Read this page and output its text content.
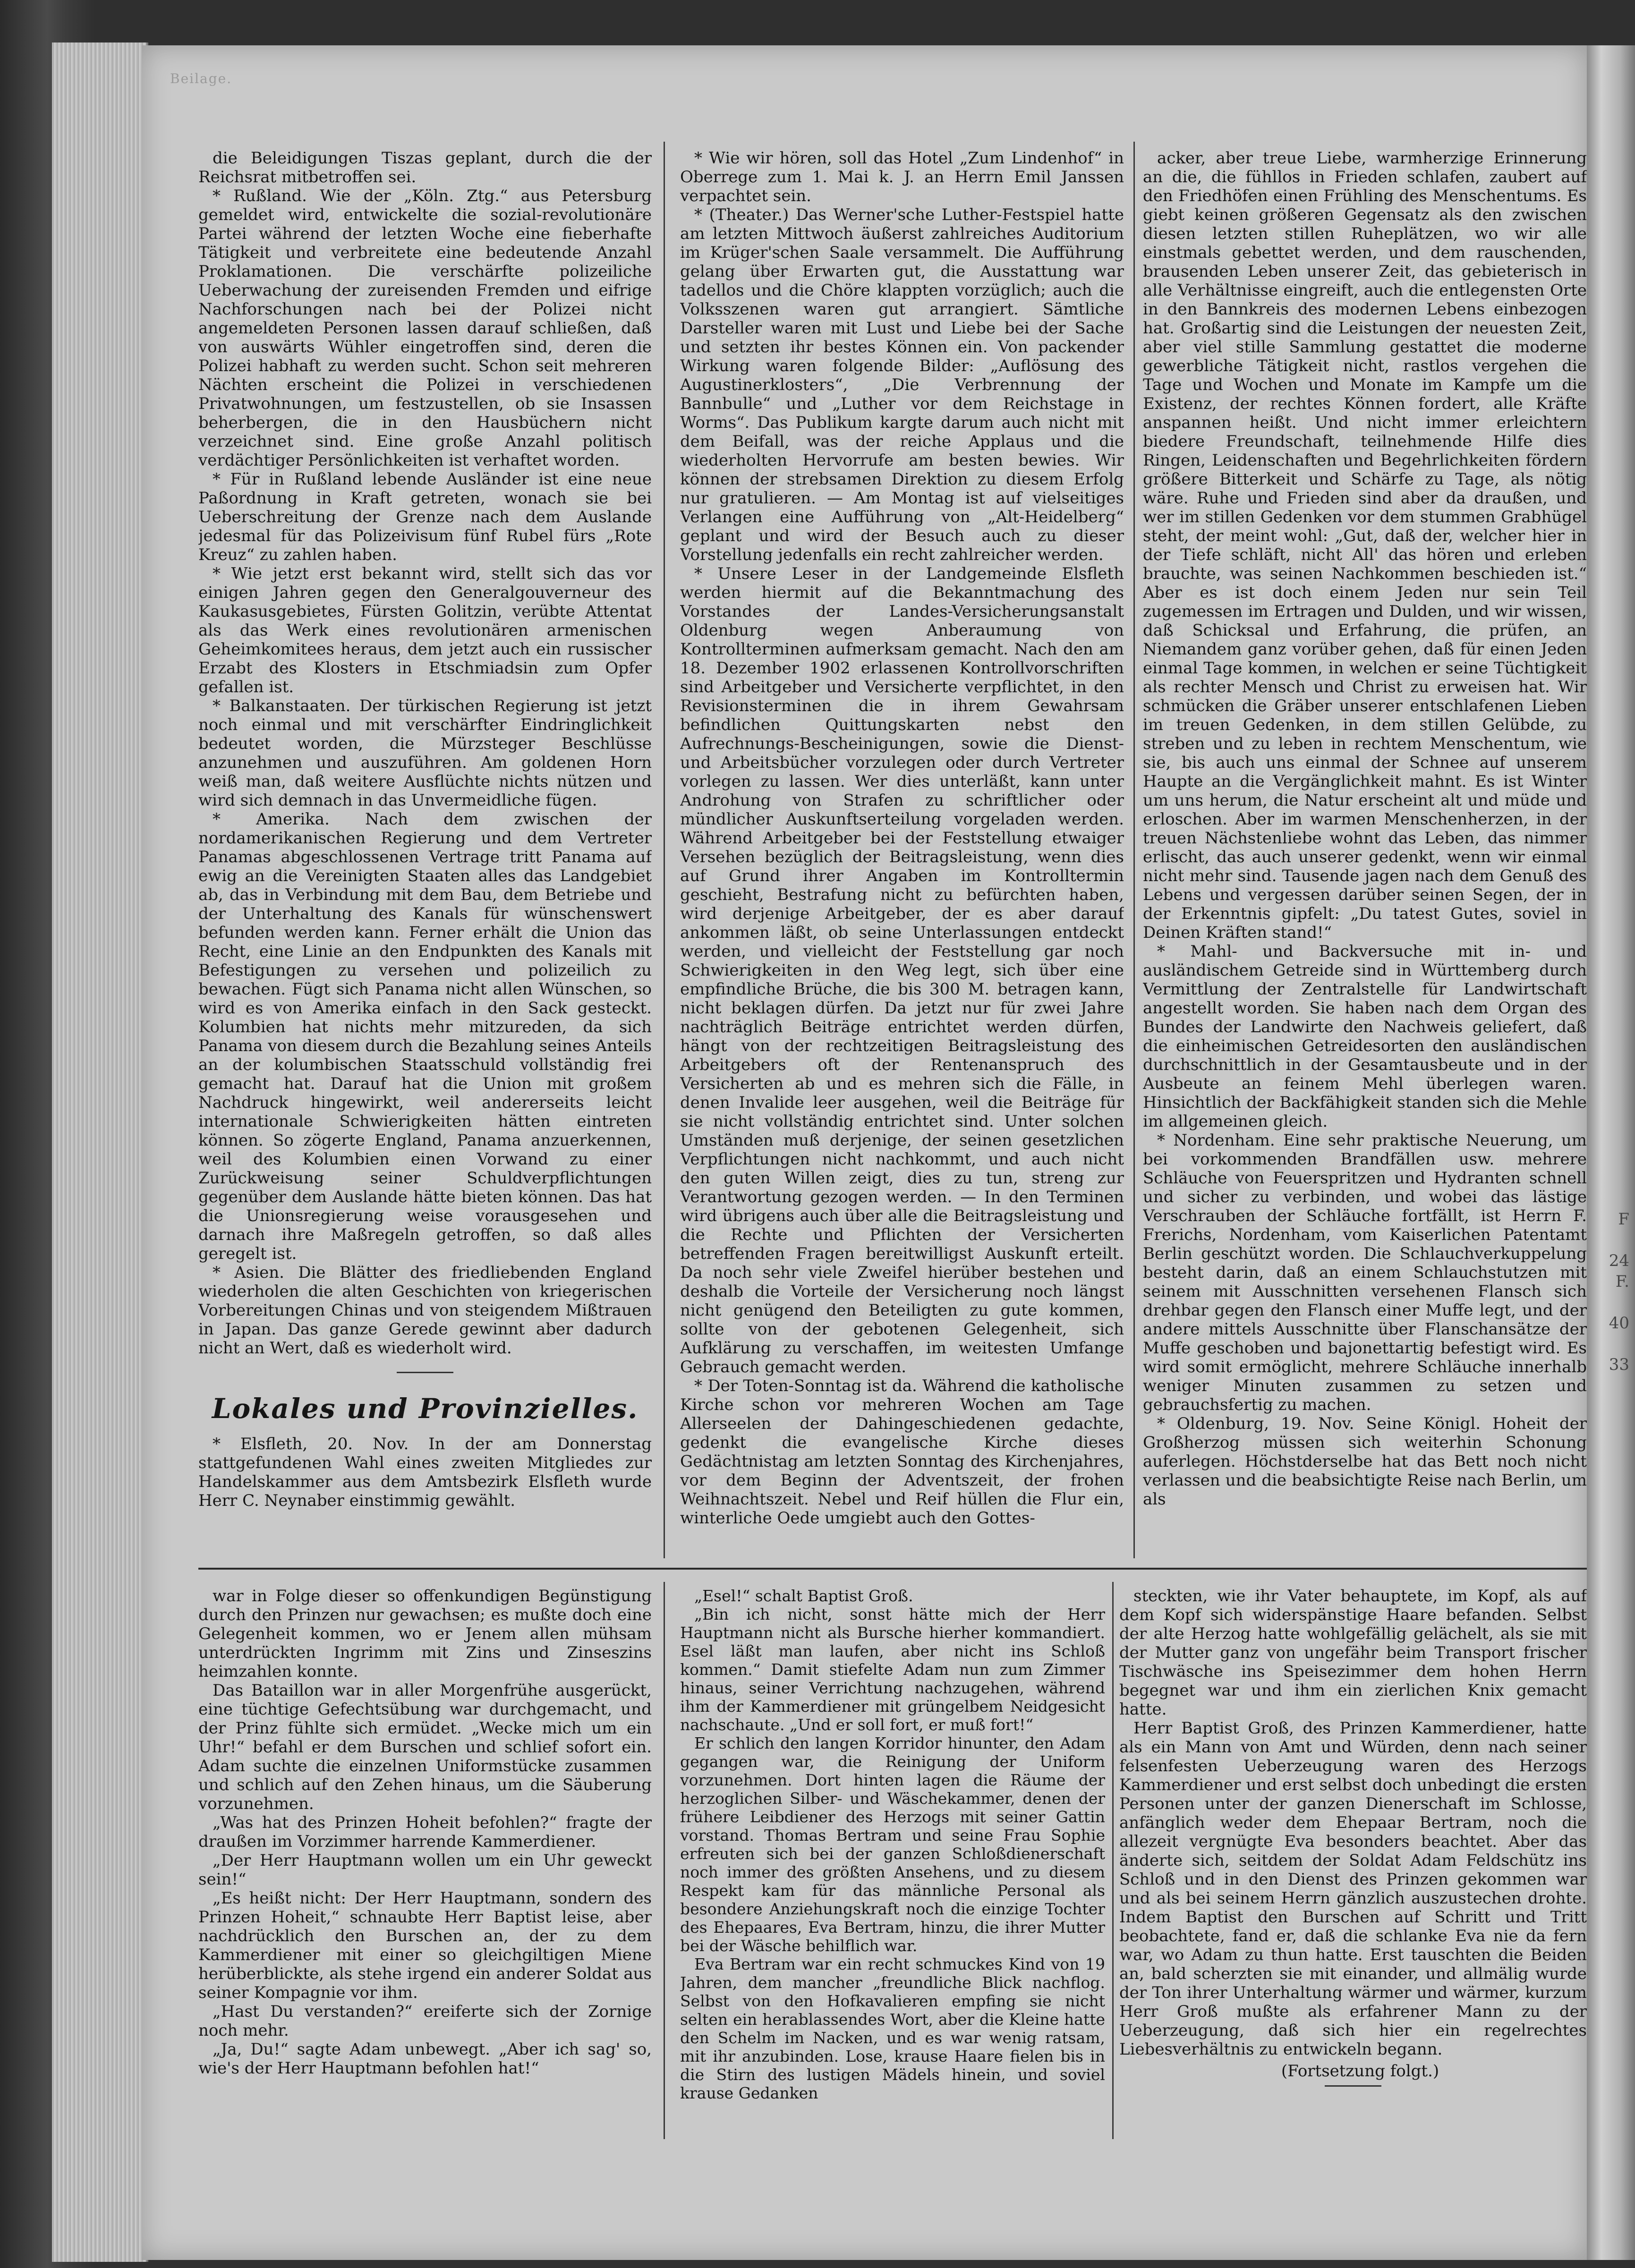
Beilage.
F
24
F.
40
33

die Beleidigungen Tiszas geplant, durch die der Reichsrat mitbetroffen sei.

* Rußland. Wie der „Köln. Ztg.“ aus Petersburg gemeldet wird, entwickelte die sozial-revolutionäre Partei während der letzten Woche eine fieberhafte Tätigkeit und verbreitete eine bedeutende Anzahl Proklamationen. Die verschärfte polizeiliche Ueberwachung der zureisenden Fremden und eifrige Nachforschungen nach bei der Polizei nicht angemeldeten Personen lassen darauf schließen, daß von auswärts Wühler eingetroffen sind, deren die Polizei habhaft zu werden sucht. Schon seit mehreren Nächten erscheint die Polizei in verschiedenen Privatwohnungen, um festzustellen, ob sie Insassen beherbergen, die in den Hausbüchern nicht verzeichnet sind. Eine große Anzahl politisch verdächtiger Persönlichkeiten ist verhaftet worden.

* Für in Rußland lebende Ausländer ist eine neue Paßordnung in Kraft getreten, wonach sie bei Ueberschreitung der Grenze nach dem Auslande jedesmal für das Polizeivisum fünf Rubel fürs „Rote Kreuz“ zu zahlen haben.

* Wie jetzt erst bekannt wird, stellt sich das vor einigen Jahren gegen den Generalgouverneur des Kaukasusgebietes, Fürsten Golitzin, verübte Attentat als das Werk eines revolutionären armenischen Geheimkomitees heraus, dem jetzt auch ein russischer Erzabt des Klosters in Etschmiadsin zum Opfer gefallen ist.

* Balkanstaaten. Der türkischen Regierung ist jetzt noch einmal und mit verschärfter Eindringlichkeit bedeutet worden, die Mürzsteger Beschlüsse anzunehmen und auszuführen. Am goldenen Horn weiß man, daß weitere Ausflüchte nichts nützen und wird sich demnach in das Unvermeidliche fügen.

* Amerika. Nach dem zwischen der nordamerikanischen Regierung und dem Vertreter Panamas abgeschlossenen Vertrage tritt Panama auf ewig an die Vereinigten Staaten alles das Landgebiet ab, das in Verbindung mit dem Bau, dem Betriebe und der Unterhaltung des Kanals für wünschenswert befunden werden kann. Ferner erhält die Union das Recht, eine Linie an den Endpunkten des Kanals mit Befestigungen zu versehen und polizeilich zu bewachen. Fügt sich Panama nicht allen Wünschen, so wird es von Amerika einfach in den Sack gesteckt. Kolumbien hat nichts mehr mitzureden, da sich Panama von diesem durch die Bezahlung seines Anteils an der kolumbischen Staatsschuld vollständig frei gemacht hat. Darauf hat die Union mit großem Nachdruck hingewirkt, weil andererseits leicht internationale Schwierigkeiten hätten eintreten können. So zögerte England, Panama anzuerkennen, weil des Kolumbien einen Vorwand zu einer Zurückweisung seiner Schuldverpflichtungen gegenüber dem Auslande hätte bieten können. Das hat die Unionsregierung weise vorausgesehen und darnach ihre Maßregeln getroffen, so daß alles geregelt ist.

* Asien. Die Blätter des friedliebenden England wiederholen die alten Geschichten von kriegerischen Vorbereitungen Chinas und von steigendem Mißtrauen in Japan. Das ganze Gerede gewinnt aber dadurch nicht an Wert, daß es wiederholt wird.

Lokales und Provinzielles.

* Elsfleth, 20. Nov. In der am Donnerstag stattgefundenen Wahl eines zweiten Mitgliedes zur Handelskammer aus dem Amtsbezirk Elsfleth wurde Herr C. Neynaber einstimmig gewählt.

* Wie wir hören, soll das Hotel „Zum Lindenhof“ in Oberrege zum 1. Mai k. J. an Herrn Emil Janssen verpachtet sein.

* (Theater.) Das Werner'sche Luther-Festspiel hatte am letzten Mittwoch äußerst zahlreiches Auditorium im Krüger'schen Saale versammelt. Die Aufführung gelang über Erwarten gut, die Ausstattung war tadellos und die Chöre klappten vorzüglich; auch die Volksszenen waren gut arrangiert. Sämtliche Darsteller waren mit Lust und Liebe bei der Sache und setzten ihr bestes Können ein. Von packender Wirkung waren folgende Bilder: „Auflösung des Augustinerklosters“, „Die Verbrennung der Bannbulle“ und „Luther vor dem Reichstage in Worms“. Das Publikum kargte darum auch nicht mit dem Beifall, was der reiche Applaus und die wiederholten Hervorrufe am besten bewies. Wir können der strebsamen Direktion zu diesem Erfolg nur gratulieren. — Am Montag ist auf vielseitiges Verlangen eine Aufführung von „Alt-Heidelberg“ geplant und wird der Besuch auch zu dieser Vorstellung jedenfalls ein recht zahlreicher werden.

* Unsere Leser in der Landgemeinde Elsfleth werden hiermit auf die Bekanntmachung des Vorstandes der Landes-Versicherungsanstalt Oldenburg wegen Anberaumung von Kontrollterminen aufmerksam gemacht. Nach den am 18. Dezember 1902 erlassenen Kontrollvorschriften sind Arbeitgeber und Versicherte verpflichtet, in den Revisionsterminen die in ihrem Gewahrsam befindlichen Quittungskarten nebst den Aufrechnungs-Bescheinigungen, sowie die Dienst- und Arbeitsbücher vorzulegen oder durch Vertreter vorlegen zu lassen. Wer dies unterläßt, kann unter Androhung von Strafen zu schriftlicher oder mündlicher Auskunftserteilung vorgeladen werden. Während Arbeitgeber bei der Feststellung etwaiger Versehen bezüglich der Beitragsleistung, wenn dies auf Grund ihrer Angaben im Kontrolltermin geschieht, Bestrafung nicht zu befürchten haben, wird derjenige Arbeitgeber, der es aber darauf ankommen läßt, ob seine Unterlassungen entdeckt werden, und vielleicht der Feststellung gar noch Schwierigkeiten in den Weg legt, sich über eine empfindliche Brüche, die bis 300 M. betragen kann, nicht beklagen dürfen. Da jetzt nur für zwei Jahre nachträglich Beiträge entrichtet werden dürfen, hängt von der rechtzeitigen Beitragsleistung des Arbeitgebers oft der Rentenanspruch des Versicherten ab und es mehren sich die Fälle, in denen Invalide leer ausgehen, weil die Beiträge für sie nicht vollständig entrichtet sind. Unter solchen Umständen muß derjenige, der seinen gesetzlichen Verpflichtungen nicht nachkommt, und auch nicht den guten Willen zeigt, dies zu tun, streng zur Verantwortung gezogen werden. — In den Terminen wird übrigens auch über alle die Beitragsleistung und die Rechte und Pflichten der Versicherten betreffenden Fragen bereitwilligst Auskunft erteilt. Da noch sehr viele Zweifel hierüber bestehen und deshalb die Vorteile der Versicherung noch längst nicht genügend den Beteiligten zu gute kommen, sollte von der gebotenen Gelegenheit, sich Aufklärung zu verschaffen, im weitesten Umfange Gebrauch gemacht werden.

* Der Toten-Sonntag ist da. Während die katholische Kirche schon vor mehreren Wochen am Tage Allerseelen der Dahingeschiedenen gedachte, gedenkt die evangelische Kirche dieses Gedächtnistag am letzten Sonntag des Kirchenjahres, vor dem Beginn der Adventszeit, der frohen Weihnachtszeit. Nebel und Reif hüllen die Flur ein, winterliche Oede umgiebt auch den Gottes-

acker, aber treue Liebe, warmherzige Erinnerung an die, die fühllos in Frieden schlafen, zaubert auf den Friedhöfen einen Frühling des Menschentums. Es giebt keinen größeren Gegensatz als den zwischen diesen letzten stillen Ruheplätzen, wo wir alle einstmals gebettet werden, und dem rauschenden, brausenden Leben unserer Zeit, das gebieterisch in alle Verhältnisse eingreift, auch die entlegensten Orte in den Bannkreis des modernen Lebens einbezogen hat. Großartig sind die Leistungen der neuesten Zeit, aber viel stille Sammlung gestattet die moderne gewerbliche Tätigkeit nicht, rastlos vergehen die Tage und Wochen und Monate im Kampfe um die Existenz, der rechtes Können fordert, alle Kräfte anspannen heißt. Und nicht immer erleichtern biedere Freundschaft, teilnehmende Hilfe dies Ringen, Leidenschaften und Begehrlichkeiten fördern größere Bitterkeit und Schärfe zu Tage, als nötig wäre. Ruhe und Frieden sind aber da draußen, und wer im stillen Gedenken vor dem stummen Grabhügel steht, der meint wohl: „Gut, daß der, welcher hier in der Tiefe schläft, nicht All' das hören und erleben brauchte, was seinen Nachkommen beschieden ist.“ Aber es ist doch einem Jeden nur sein Teil zugemessen im Ertragen und Dulden, und wir wissen, daß Schicksal und Erfahrung, die prüfen, an Niemandem ganz vorüber gehen, daß für einen Jeden einmal Tage kommen, in welchen er seine Tüchtigkeit als rechter Mensch und Christ zu erweisen hat. Wir schmücken die Gräber unserer entschlafenen Lieben im treuen Gedenken, in dem stillen Gelübde, zu streben und zu leben in rechtem Menschentum, wie sie, bis auch uns einmal der Schnee auf unserem Haupte an die Vergänglichkeit mahnt. Es ist Winter um uns herum, die Natur erscheint alt und müde und erloschen. Aber im warmen Menschenherzen, in der treuen Nächstenliebe wohnt das Leben, das nimmer erlischt, das auch unserer gedenkt, wenn wir einmal nicht mehr sind. Tausende jagen nach dem Genuß des Lebens und vergessen darüber seinen Segen, der in der Erkenntnis gipfelt: „Du tatest Gutes, soviel in Deinen Kräften stand!“

* Mahl- und Backversuche mit in- und ausländischem Getreide sind in Württemberg durch Vermittlung der Zentralstelle für Landwirtschaft angestellt worden. Sie haben nach dem Organ des Bundes der Landwirte den Nachweis geliefert, daß die einheimischen Getreidesorten den ausländischen durchschnittlich in der Gesamtausbeute und in der Ausbeute an feinem Mehl überlegen waren. Hinsichtlich der Backfähigkeit standen sich die Mehle im allgemeinen gleich.

* Nordenham. Eine sehr praktische Neuerung, um bei vorkommenden Brandfällen usw. mehrere Schläuche von Feuerspritzen und Hydranten schnell und sicher zu verbinden, und wobei das lästige Verschrauben der Schläuche fortfällt, ist Herrn F. Frerichs, Nordenham, vom Kaiserlichen Patentamt Berlin geschützt worden. Die Schlauchverkuppelung besteht darin, daß an einem Schlauchstutzen mit seinem mit Ausschnitten versehenen Flansch sich drehbar gegen den Flansch einer Muffe legt, und der andere mittels Ausschnitte über Flanschansätze der Muffe geschoben und bajonettartig befestigt wird. Es wird somit ermöglicht, mehrere Schläuche innerhalb weniger Minuten zusammen zu setzen und gebrauchsfertig zu machen.

* Oldenburg, 19. Nov. Seine Königl. Hoheit der Großherzog müssen sich weiterhin Schonung auferlegen. Höchstderselbe hat das Bett noch nicht verlassen und die beabsichtigte Reise nach Berlin, um als

war in Folge dieser so offenkundigen Begünstigung durch den Prinzen nur gewachsen; es mußte doch eine Gelegenheit kommen, wo er Jenem allen mühsam unterdrückten Ingrimm mit Zins und Zinseszins heimzahlen konnte.

Das Bataillon war in aller Morgenfrühe ausgerückt, eine tüchtige Gefechtsübung war durchgemacht, und der Prinz fühlte sich ermüdet. „Wecke mich um ein Uhr!“ befahl er dem Burschen und schlief sofort ein. Adam suchte die einzelnen Uniformstücke zusammen und schlich auf den Zehen hinaus, um die Säuberung vorzunehmen.

„Was hat des Prinzen Hoheit befohlen?“ fragte der draußen im Vorzimmer harrende Kammerdiener.

„Der Herr Hauptmann wollen um ein Uhr geweckt sein!“

„Es heißt nicht: Der Herr Hauptmann, sondern des Prinzen Hoheit,“ schnaubte Herr Baptist leise, aber nachdrücklich den Burschen an, der zu dem Kammerdiener mit einer so gleichgiltigen Miene herüberblickte, als stehe irgend ein anderer Soldat aus seiner Kompagnie vor ihm.

„Hast Du verstanden?“ ereiferte sich der Zornige noch mehr.

„Ja, Du!“ sagte Adam unbewegt. „Aber ich sag' so, wie's der Herr Hauptmann befohlen hat!“

„Esel!“ schalt Baptist Groß.

„Bin ich nicht, sonst hätte mich der Herr Hauptmann nicht als Bursche hierher kommandiert. Esel läßt man laufen, aber nicht ins Schloß kommen.“ Damit stiefelte Adam nun zum Zimmer hinaus, seiner Verrichtung nachzugehen, während ihm der Kammerdiener mit grüngelbem Neidgesicht nachschaute. „Und er soll fort, er muß fort!“

Er schlich den langen Korridor hinunter, den Adam gegangen war, die Reinigung der Uniform vorzunehmen. Dort hinten lagen die Räume der herzoglichen Silber- und Wäschekammer, denen der frühere Leibdiener des Herzogs mit seiner Gattin vorstand. Thomas Bertram und seine Frau Sophie erfreuten sich bei der ganzen Schloßdienerschaft noch immer des größten Ansehens, und zu diesem Respekt kam für das männliche Personal als besondere Anziehungskraft noch die einzige Tochter des Ehepaares, Eva Bertram, hinzu, die ihrer Mutter bei der Wäsche behilflich war.

Eva Bertram war ein recht schmuckes Kind von 19 Jahren, dem mancher „freundliche Blick nachflog. Selbst von den Hofkavalieren empfing sie nicht selten ein herablassendes Wort, aber die Kleine hatte den Schelm im Nacken, und es war wenig ratsam, mit ihr anzubinden. Lose, krause Haare fielen bis in die Stirn des lustigen Mädels hinein, und soviel krause Gedanken

steckten, wie ihr Vater behauptete, im Kopf, als auf dem Kopf sich widerspänstige Haare befanden. Selbst der alte Herzog hatte wohlgefällig gelächelt, als sie mit der Mutter ganz von ungefähr beim Transport frischer Tischwäsche ins Speisezimmer dem hohen Herrn begegnet war und ihm ein zierlichen Knix gemacht hatte.

Herr Baptist Groß, des Prinzen Kammerdiener, hatte als ein Mann von Amt und Würden, denn nach seiner felsenfesten Ueberzeugung waren des Herzogs Kammerdiener und erst selbst doch unbedingt die ersten Personen unter der ganzen Dienerschaft im Schlosse, anfänglich weder dem Ehepaar Bertram, noch die allezeit vergnügte Eva besonders beachtet. Aber das änderte sich, seitdem der Soldat Adam Feldschütz ins Schloß und in den Dienst des Prinzen gekommen war und als bei seinem Herrn gänzlich auszustechen drohte. Indem Baptist den Burschen auf Schritt und Tritt beobachtete, fand er, daß die schlanke Eva nie da fern war, wo Adam zu thun hatte. Erst tauschten die Beiden an, bald scherzten sie mit einander, und allmälig wurde der Ton ihrer Unterhaltung wärmer und wärmer, kurzum Herr Groß mußte als erfahrener Mann zu der Ueberzeugung, daß sich hier ein regelrechtes Liebesverhältnis zu entwickeln begann.

(Fortsetzung folgt.)
